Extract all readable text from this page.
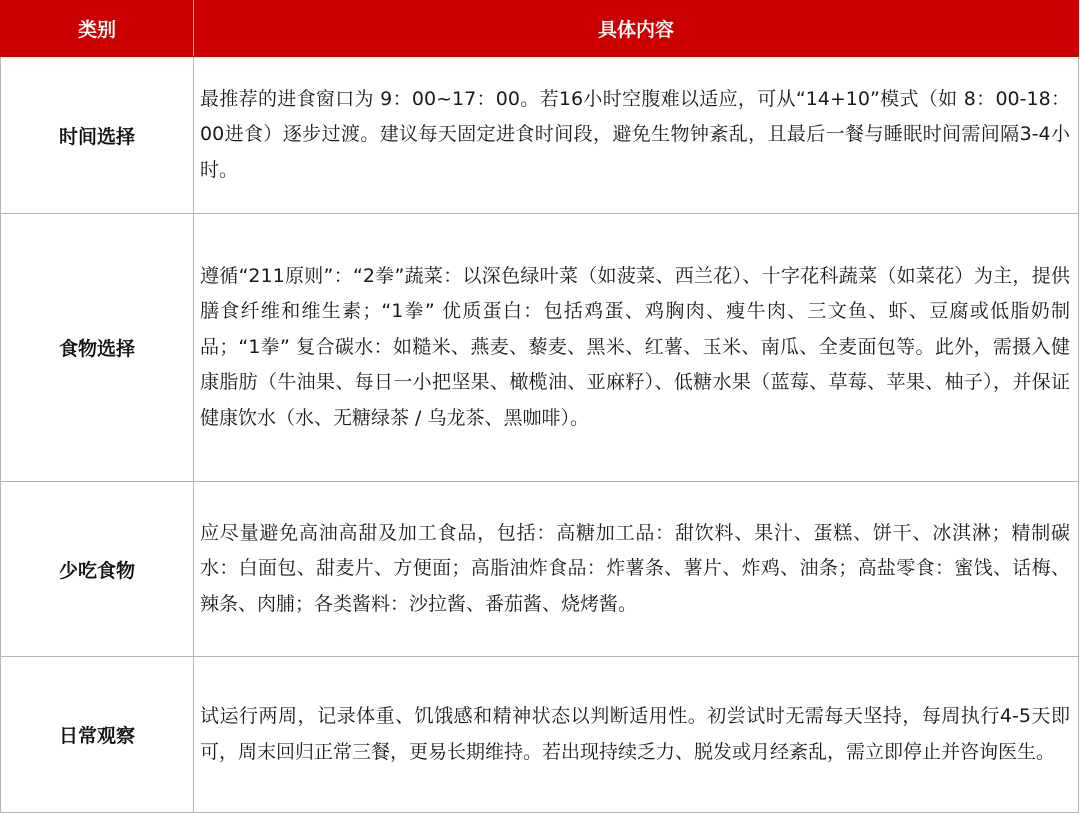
类别	具体内容
时间选择	最推荐的进食窗口为 9：00~17：00。若16小时空腹难以适应，可从“14+10”模式（如 8：00-18：00进食）逐步过渡。建议每天固定进食时间段，避免生物钟紊乱，且最后一餐与睡眠时间需间隔3-4小时。
食物选择	遵循“211原则”：“2拳”蔬菜：以深色绿叶菜（如菠菜、西兰花）、十字花科蔬菜（如菜花）为主，提供膳食纤维和维生素；“1拳” 优质蛋白：包括鸡蛋、鸡胸肉、瘦牛肉、三文鱼、虾、豆腐或低脂奶制品；“1拳” 复合碳水：如糙米、燕麦、藜麦、黑米、红薯、玉米、南瓜、全麦面包等。此外，需摄入健康脂肪（牛油果、每日一小把坚果、橄榄油、亚麻籽）、低糖水果（蓝莓、草莓、苹果、柚子），并保证健康饮水（水、无糖绿茶 / 乌龙茶、黑咖啡）。
少吃食物	应尽量避免高油高甜及加工食品，包括：高糖加工品：甜饮料、果汁、蛋糕、饼干、冰淇淋；精制碳水：白面包、甜麦片、方便面；高脂油炸食品：炸薯条、薯片、炸鸡、油条；高盐零食：蜜饯、话梅、辣条、肉脯；各类酱料：沙拉酱、番茄酱、烧烤酱。
日常观察	试运行两周，记录体重、饥饿感和精神状态以判断适用性。初尝试时无需每天坚持，每周执行4-5天即可，周末回归正常三餐，更易长期维持。若出现持续乏力、脱发或月经紊乱，需立即停止并咨询医生。
